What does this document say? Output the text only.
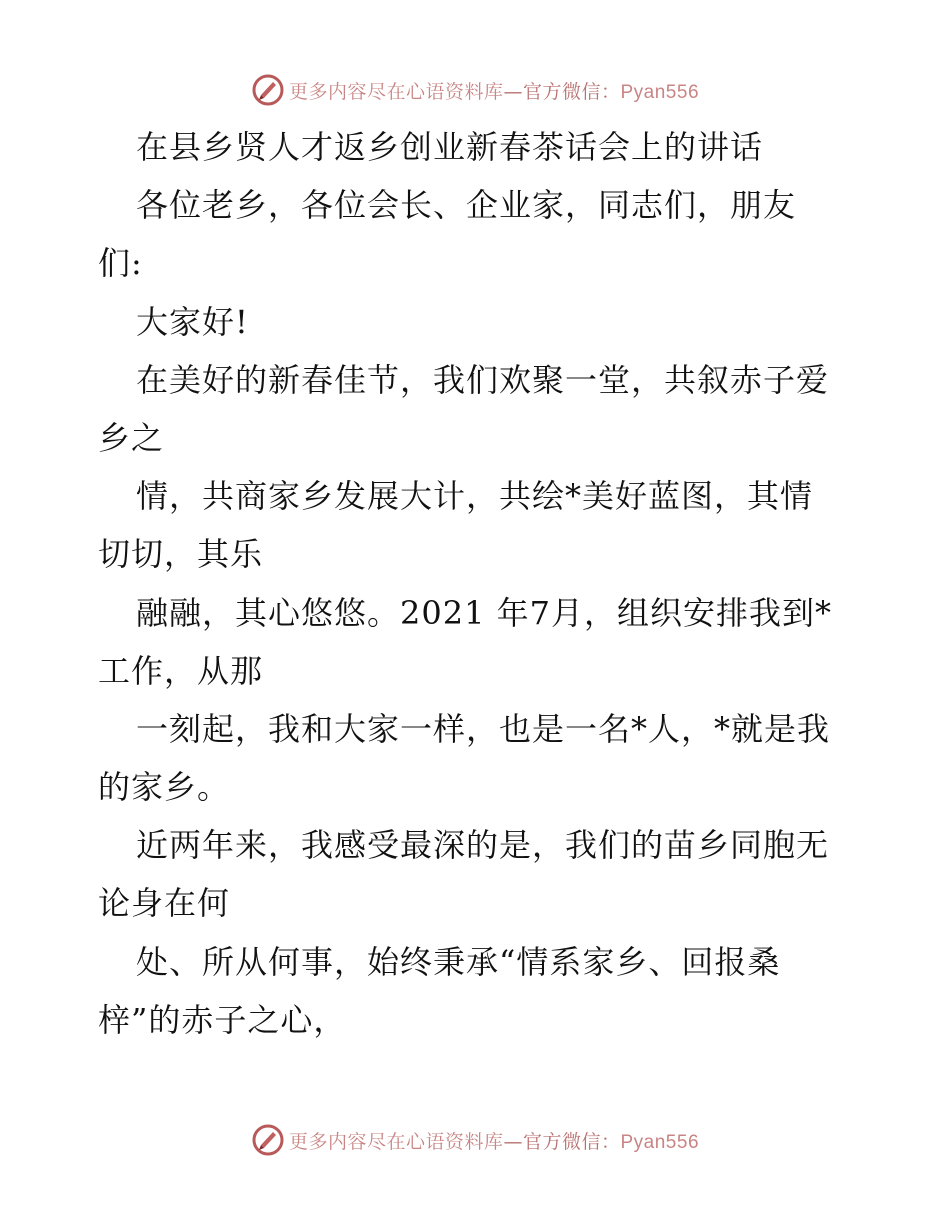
更多内容尽在心语资料库—官方微信：Pyan556
在县乡贤人才返乡创业新春茶话会上的讲话
各位老乡，各位会长、企业家，同志们，朋友
们:
大家好!
在美好的新春佳节，我们欢聚一堂，共叙赤子爱
乡之
情，共商家乡发展大计，共绘*美好蓝图，其情
切切，其乐
融融，其心悠悠。2021 年7月，组织安排我到*
工作，从那
一刻起，我和大家一样，也是一名*人，*就是我
的家乡。
近两年来，我感受最深的是，我们的苗乡同胞无
论身在何
处、所从何事，始终秉承“情系家乡、回报桑
梓”的赤子之心，
更多内容尽在心语资料库—官方微信：Pyan556
